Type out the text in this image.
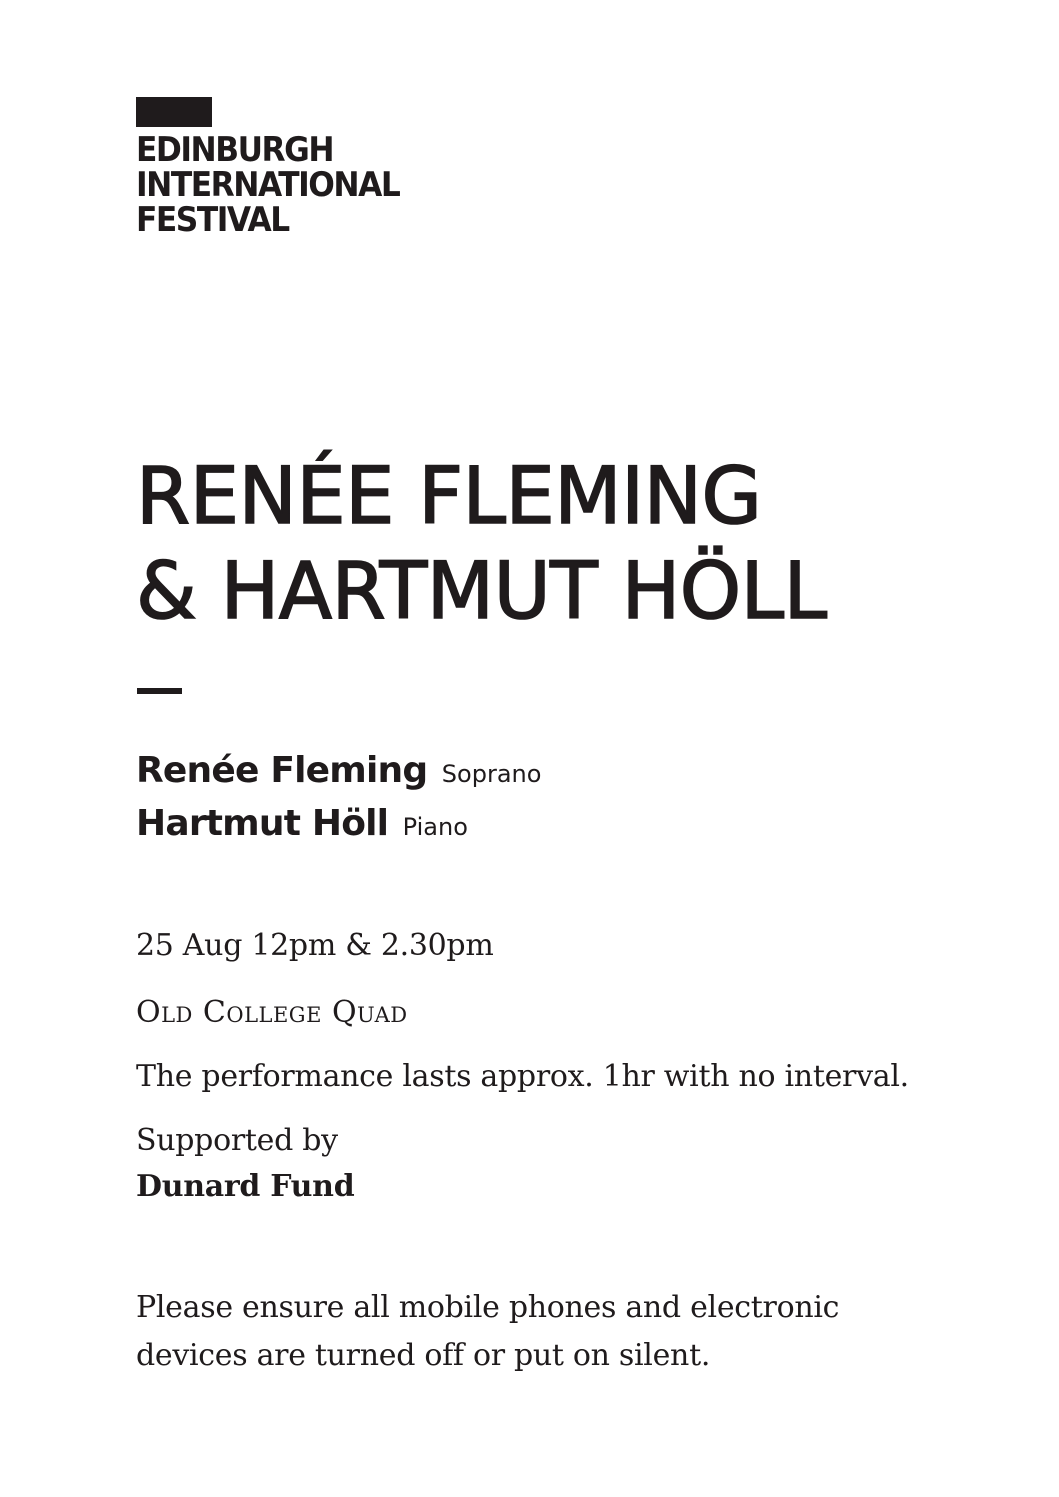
EDINBURGH
INTERNATIONAL
FESTIVAL
RENÉE FLEMING
& HARTMUT HÖLL
Renée Fleming Soprano
Hartmut Höll Piano
25 Aug 12pm & 2.30pm
Old College Quad
The performance lasts approx. 1hr with no interval.
Supported by
Dunard Fund
Please ensure all mobile phones and electronic
devices are turned off or put on silent.
